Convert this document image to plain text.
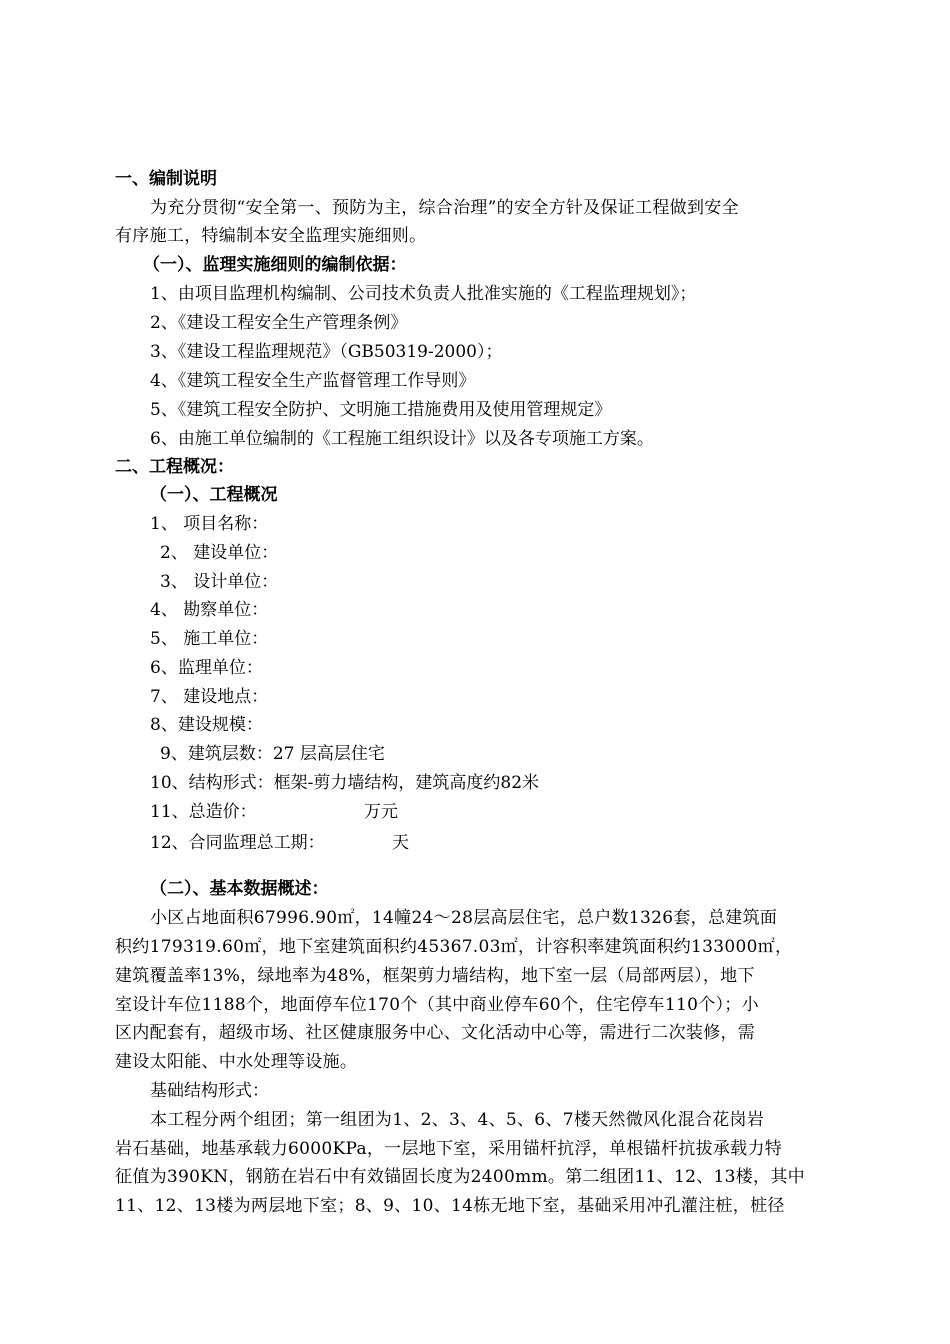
一、编制说明
为充分贯彻“安全第一、预防为主，综合治理”的安全方针及保证工程做到安全
有序施工，特编制本安全监理实施细则。
（一）、监理实施细则的编制依据：
1、由项目监理机构编制、公司技术负责人批准实施的《工程监理规划》；
2、《建设工程安全生产管理条例》
3、《建设工程监理规范》（GB50319-2000）；
4、《建筑工程安全生产监督管理工作导则》
5、《建筑工程安全防护、文明施工措施费用及使用管理规定》
6、由施工单位编制的《工程施工组织设计》以及各专项施工方案。
二、工程概况：
（一）、工程概况
1、 项目名称：
2、 建设单位：
3、 设计单位：
4、 勘察单位：
5、 施工单位：
6、监理单位：
7、 建设地点：
8、建设规模：
9、建筑层数：27 层高层住宅
10、结构形式：框架-剪力墙结构，建筑高度约82米
11、总造价：	万元
12、合同监理总工期：	天
（二）、基本数据概述：
小区占地面积67996.90㎡，14幢24～28层高层住宅，总户数1326套，总建筑面
积约179319.60㎡，地下室建筑面积约45367.03㎡，计容积率建筑面积约133000㎡，
建筑覆盖率13%，绿地率为48%，框架剪力墙结构，地下室一层（局部两层），地下
室设计车位1188个，地面停车位170个（其中商业停车60个，住宅停车110个）；小
区内配套有，超级市场、社区健康服务中心、文化活动中心等，需进行二次装修，需
建设太阳能、中水处理等设施。
基础结构形式：
本工程分两个组团；第一组团为1、2、3、4、5、6、7楼天然微风化混合花岗岩
岩石基础，地基承载力6000KPa，一层地下室，采用锚杆抗浮，单根锚杆抗拔承载力特
征值为390KN，钢筋在岩石中有效锚固长度为2400mm。第二组团11、12、13楼，其中
11、12、13楼为两层地下室；8、9、10、14栋无地下室，基础采用冲孔灌注桩，桩径
